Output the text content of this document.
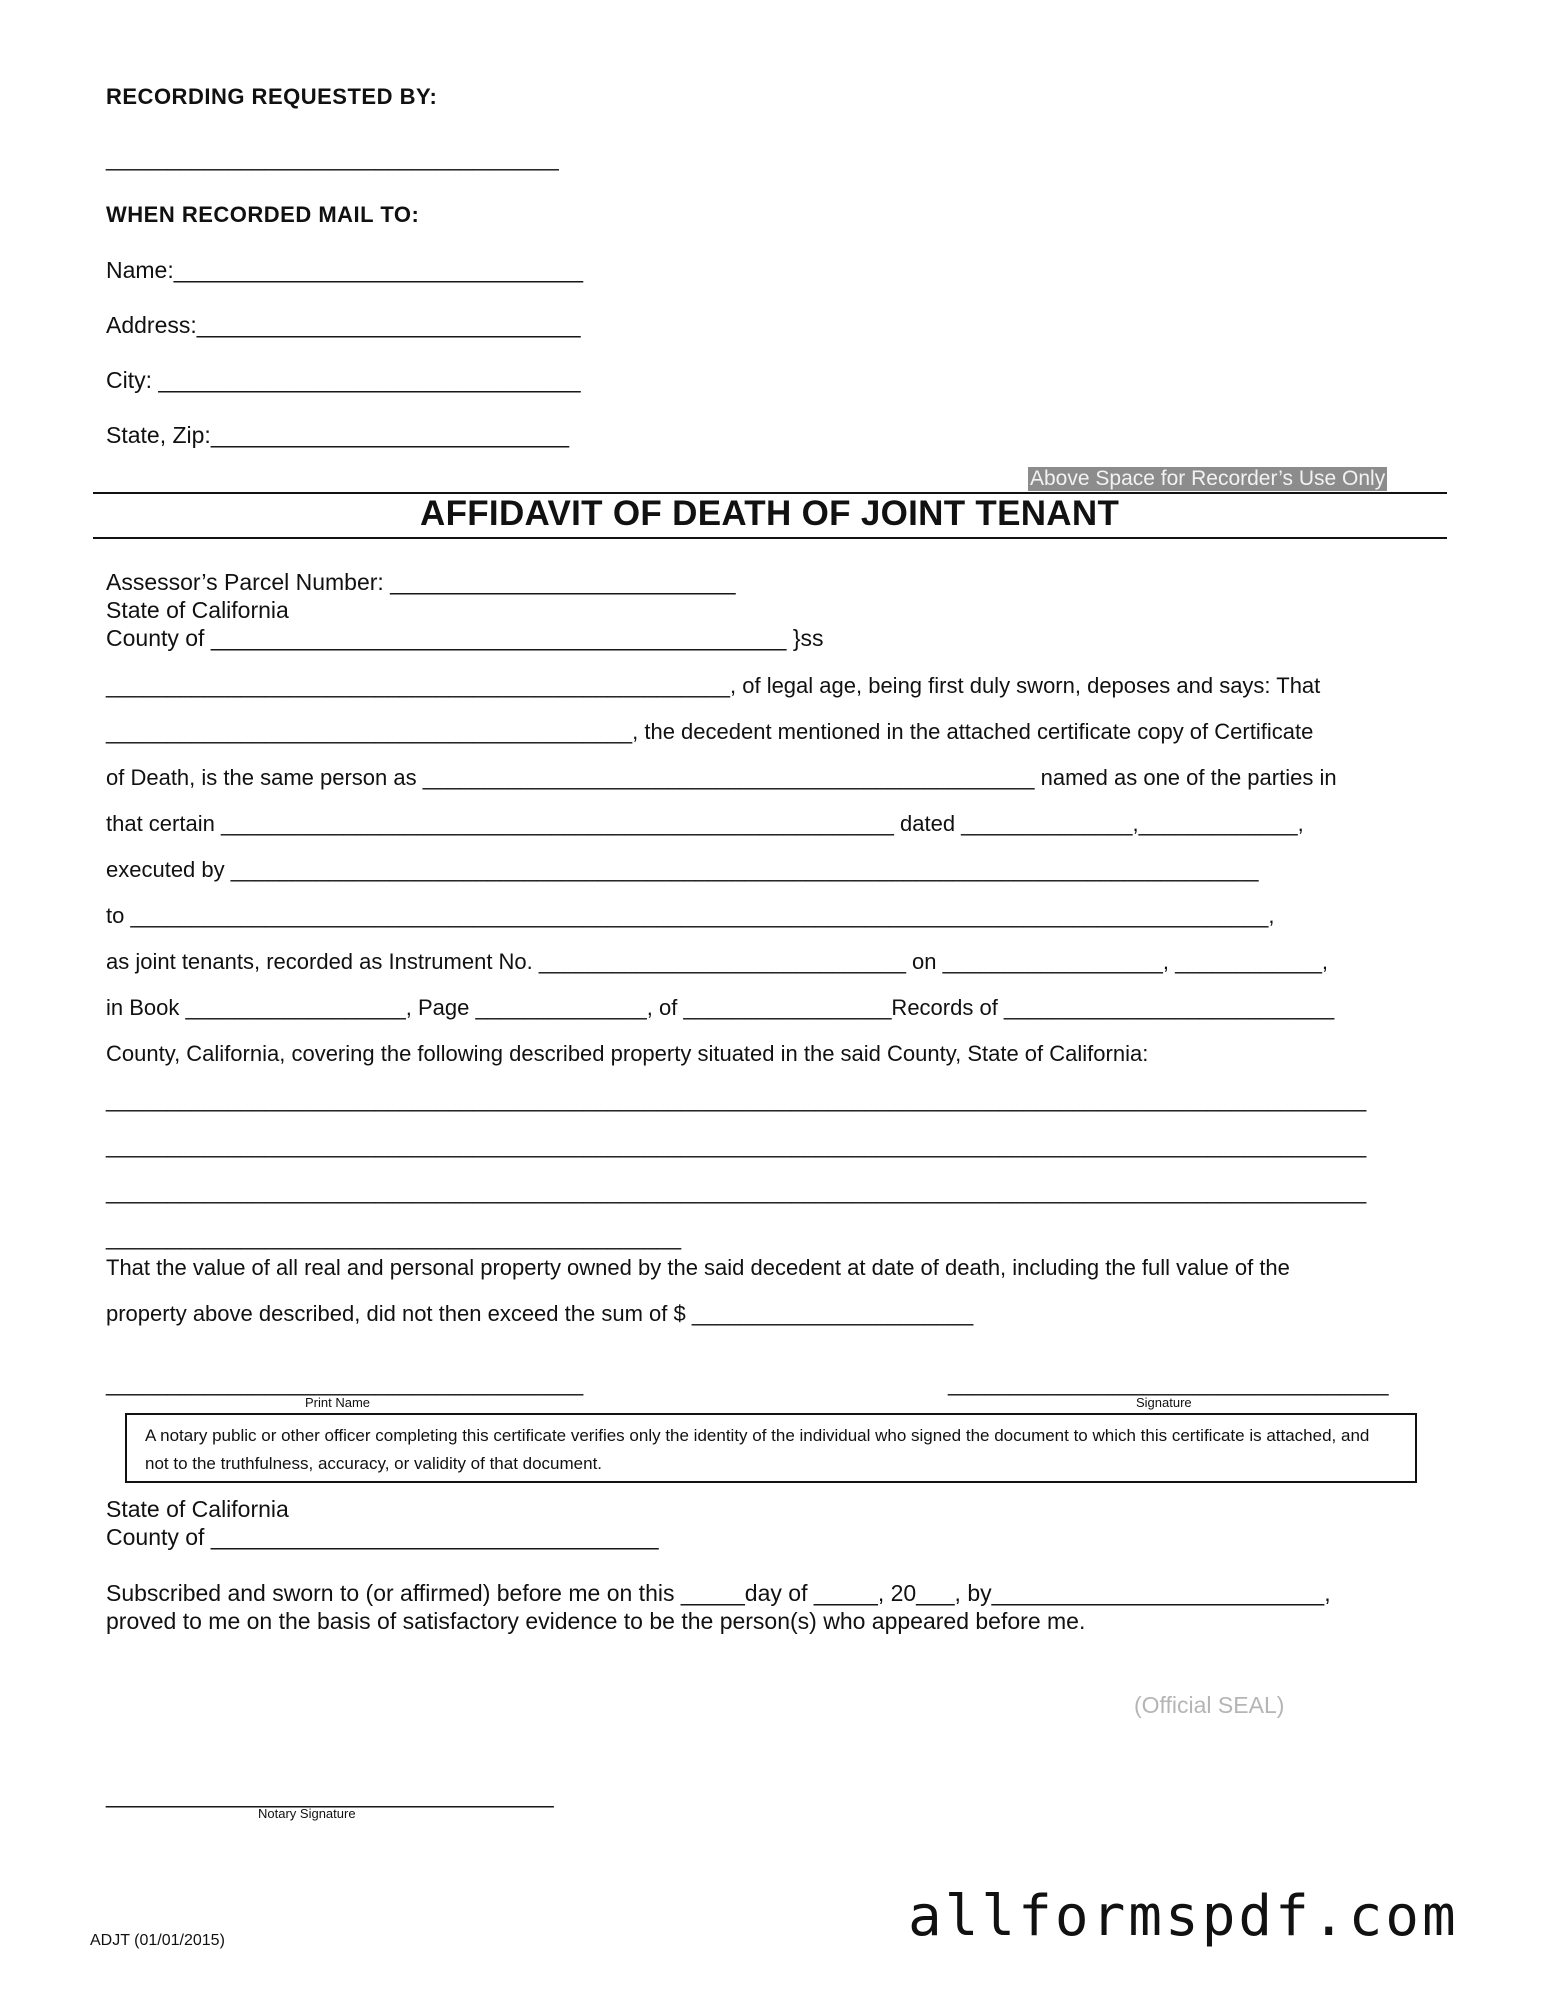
RECORDING REQUESTED BY:
_____________________________________
WHEN RECORDED MAIL TO:
Name:________________________________
Address:______________________________
City: _________________________________
State, Zip:____________________________
Above Space for Recorder’s Use Only
AFFIDAVIT OF DEATH OF JOINT TENANT
Assessor’s Parcel Number: ___________________________
State of California
County of _____________________________________________ }ss
___________________________________________________, of legal age, being first duly sworn, deposes and says: That
___________________________________________, the decedent mentioned in the attached certificate copy of Certificate
of Death, is the same person as __________________________________________________ named as one of the parties in
that certain _______________________________________________________ dated ______________,_____________,
executed by ____________________________________________________________________________________
to _____________________________________________________________________________________________,
as joint tenants, recorded as Instrument No. ______________________________ on __________________, ____________,
in Book __________________, Page ______________, of _________________Records of ___________________________
County, California, covering the following described property situated in the said County, State of California:
_______________________________________________________________________________________________________
_______________________________________________________________________________________________________
_______________________________________________________________________________________________________
_______________________________________________
That the value of all real and personal property owned by the said decedent at date of death, including the full value of the
property above described, did not then exceed the sum of $ _______________________
_______________________________________
Print Name
____________________________________
Signature
A notary public or other officer completing this certificate verifies only the identity of the individual who signed the document to which this certificate is attached, and not to the truthfulness, accuracy, or validity of that document.
State of California
County of ___________________________________
Subscribed and sworn to (or affirmed) before me on this _____day of _____, 20___, by__________________________,
proved to me on the basis of satisfactory evidence to be the person(s) who appeared before me.
(Official SEAL)
___________________________________
Notary Signature
allformspdf.com
ADJT (01/01/2015)
